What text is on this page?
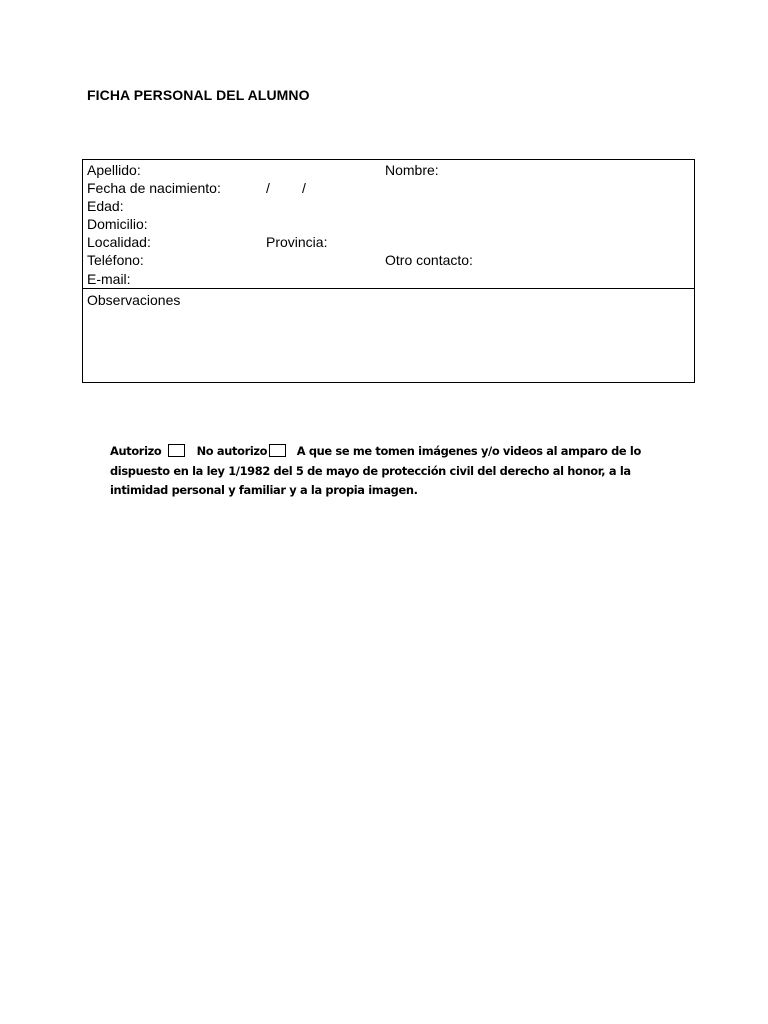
FICHA PERSONAL DEL ALUMNO
Apellido:	Nombre:
Fecha de nacimiento:	/ /
Edad:
Domicilio:
Localidad:	Provincia:
Teléfono:	Otro contacto:
E-mail:
Observaciones
Autorizo	No autorizo	A que se me tomen imágenes y/o videos al amparo de lo
dispuesto en la ley 1/1982 del 5 de mayo de protección civil del derecho al honor, a la
intimidad personal y familiar y a la propia imagen.
